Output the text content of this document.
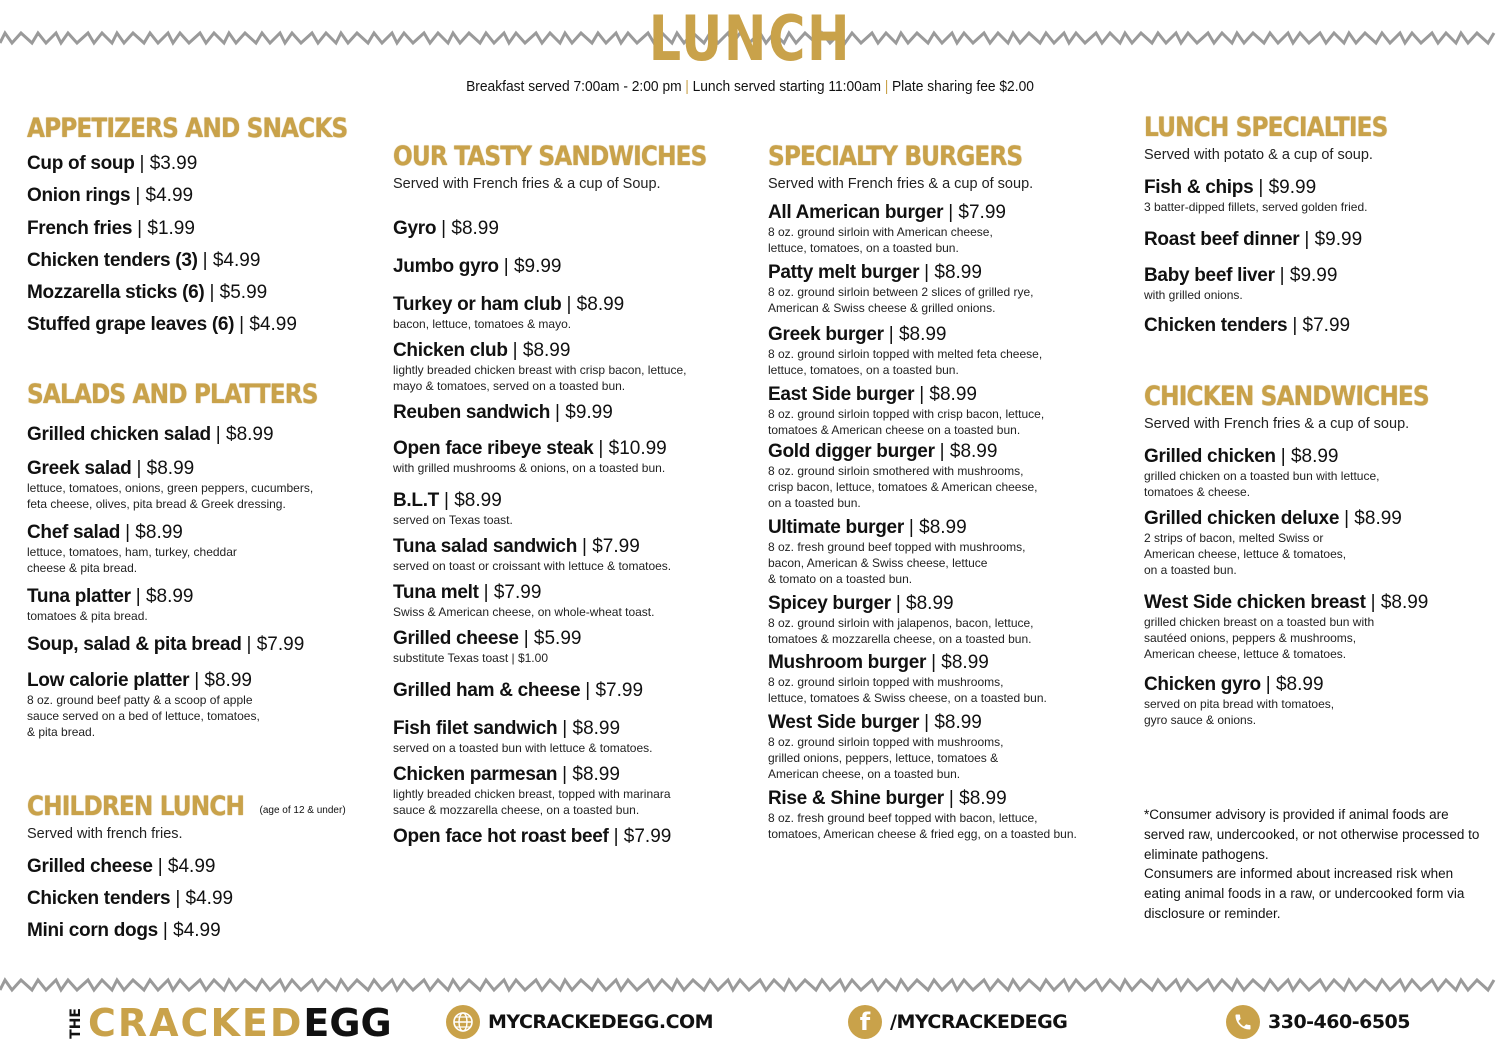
LUNCH
Breakfast served 7:00am - 2:00 pm | Lunch served starting 11:00am | Plate sharing fee $2.00
APPETIZERS AND SNACKS
Cup of soup | $3.99
Onion rings | $4.99
French fries | $1.99
Chicken tenders (3) | $4.99
Mozzarella sticks (6) | $5.99
Stuffed grape leaves (6) | $4.99
SALADS AND PLATTERS
Grilled chicken salad | $8.99
Greek salad | $8.99
lettuce, tomatoes, onions, green peppers, cucumbers,
feta cheese, olives, pita bread & Greek dressing.
Chef salad | $8.99
lettuce, tomatoes, ham, turkey, cheddar
cheese & pita bread.
Tuna platter | $8.99
tomatoes & pita bread.
Soup, salad & pita bread | $7.99
Low calorie platter | $8.99
8 oz. ground beef patty & a scoop of apple
sauce served on a bed of lettuce, tomatoes,
& pita bread.
CHILDREN LUNCH (age of 12 & under)
Served with french fries.
Grilled cheese | $4.99
Chicken tenders | $4.99
Mini corn dogs | $4.99
OUR TASTY SANDWICHES
Served with French fries & a cup of Soup.
Gyro | $8.99
Jumbo gyro | $9.99
Turkey or ham club | $8.99
bacon, lettuce, tomatoes & mayo.
Chicken club | $8.99
lightly breaded chicken breast with crisp bacon, lettuce,
mayo & tomatoes, served on a toasted bun.
Reuben sandwich | $9.99
Open face ribeye steak | $10.99
with grilled mushrooms & onions, on a toasted bun.
B.L.T | $8.99
served on Texas toast.
Tuna salad sandwich | $7.99
served on toast or croissant with lettuce & tomatoes.
Tuna melt | $7.99
Swiss & American cheese, on whole-wheat toast.
Grilled cheese | $5.99
substitute Texas toast | $1.00
Grilled ham & cheese | $7.99
Fish filet sandwich | $8.99
served on a toasted bun with lettuce & tomatoes.
Chicken parmesan | $8.99
lightly breaded chicken breast, topped with marinara
sauce & mozzarella cheese, on a toasted bun.
Open face hot roast beef | $7.99
SPECIALTY BURGERS
Served with French fries & a cup of soup.
All American burger | $7.99
8 oz. ground sirloin with American cheese,
lettuce, tomatoes, on a toasted bun.
Patty melt burger | $8.99
8 oz. ground sirloin between 2 slices of grilled rye,
American & Swiss cheese & grilled onions.
Greek burger | $8.99
8 oz. ground sirloin topped with melted feta cheese,
lettuce, tomatoes, on a toasted bun.
East Side burger | $8.99
8 oz. ground sirloin topped with crisp bacon, lettuce,
tomatoes & American cheese on a toasted bun.
Gold digger burger | $8.99
8 oz. ground sirloin smothered with mushrooms,
crisp bacon, lettuce, tomatoes & American cheese,
on a toasted bun.
Ultimate burger | $8.99
8 oz. fresh ground beef topped with mushrooms,
bacon, American & Swiss cheese, lettuce
& tomato on a toasted bun.
Spicey burger | $8.99
8 oz. ground sirloin with jalapenos, bacon, lettuce,
tomatoes & mozzarella cheese, on a toasted bun.
Mushroom burger | $8.99
8 oz. ground sirloin topped with mushrooms,
lettuce, tomatoes & Swiss cheese, on a toasted bun.
West Side burger | $8.99
8 oz. ground sirloin topped with mushrooms,
grilled onions, peppers, lettuce, tomatoes &
American cheese, on a toasted bun.
Rise & Shine burger | $8.99
8 oz. fresh ground beef topped with bacon, lettuce,
tomatoes, American cheese & fried egg, on a toasted bun.
LUNCH SPECIALTIES
Served with potato & a cup of soup.
Fish & chips | $9.99
3 batter-dipped fillets, served golden fried.
Roast beef dinner | $9.99
Baby beef liver | $9.99
with grilled onions.
Chicken tenders | $7.99
CHICKEN SANDWICHES
Served with French fries & a cup of soup.
Grilled chicken | $8.99
grilled chicken on a toasted bun with lettuce,
tomatoes & cheese.
Grilled chicken deluxe | $8.99
2 strips of bacon, melted Swiss or
American cheese, lettuce & tomatoes,
on a toasted bun.
West Side chicken breast | $8.99
grilled chicken breast on a toasted bun with
sautéed onions, peppers & mushrooms,
American cheese, lettuce & tomatoes.
Chicken gyro | $8.99
served on pita bread with tomatoes,
gyro sauce & onions.
*Consumer advisory is provided if animal foods are served raw, undercooked, or not otherwise processed to eliminate pathogens.
Consumers are informed about increased risk when eating animal foods in a raw, or undercooked form via disclosure or reminder.
THE CRACKED EGG	MYCRACKEDEGG.COM	f	/MYCRACKEDEGG	330-460-6505
